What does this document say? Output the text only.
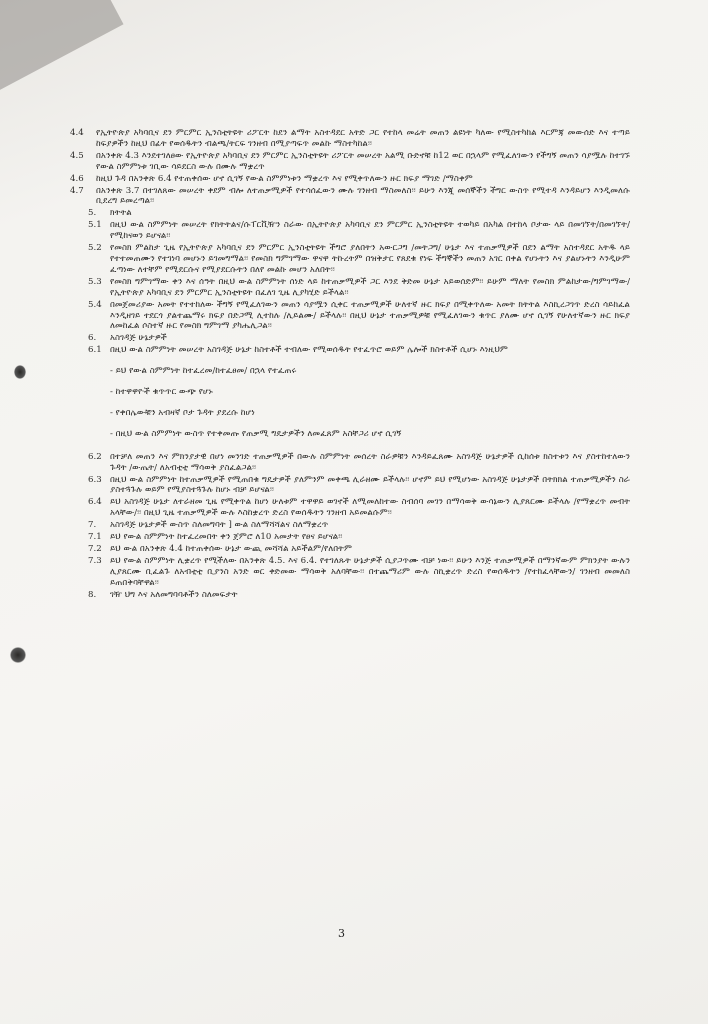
4.4	የኢትዮጵያ አካባቢና ደን ምርምር ኢንስቲትዩት ሪፖርት ከደን ልማት አስተዳደር አትድ ጋር የተከላ መሬት መጠን ልዩነት ካለው የሚስተካከል እርምጃ መውሰድ እና ተጣይ ከፍያዎችን ከዚህ በፊት የወሰዱትን ብልጫ/ትርፍ ገንዘብ በሚያጣፍጥ መልኩ ማስተካከል፡፡
4.5	በአንቀጽ 4.3 እንደተገለፀው የኢትዮጵያ አካባቢና ደን ምርምር ኢንስቲትዩት ሪፖርት መሠረት አልሚ ቡድኖቹ ከ12 ወር በኋላም የሚፈለገውን የችግኝ መጠን ሳያሟሉ ከተገኙ የውል ስምምነቱ ገቢው ሳይደርስ ውሉ በሙሉ ማቋረጥ
4.6	ከዚህ ጉዳ በአንቀጽ 6.4 የተጠቀሰው ሆኖ ሲገኝ የውል ስምምነቱን ማቋረጥ እና የሚቀጥለውን ዙር ክፍያ ማገድ /ማስቀም
4.7	በአንቀጽ 3.7 በተገለጸው መሠረት ቀደም ብሎ ለተጠቃሚዎች የተሳሰፈውን ሙሉ ገንዘብ ማስመለስ፡፡ ይሁን እንጂ መሰኞችን ችግር ውስጥ የሚተዳ እንዳይሆን እንዲመለሱ ቢደረግ ይመረጣል፡፡
5.	ክትትል
5.1 በዚህ ውል ስምምነት መሠረት የክትትልና/ሱፐርቪዥን ስራው በኢትዮጵያ አካባቢና ደን ምርምር ኢንስቲትዩት ተወካይ በአካል በተከላ ቦታው ላይ በመገኘት/በመገኘት/ የሚከናወን ይሆናል፡፡
5.2 የመስክ ምልከታ ጊዜ የኢትዮጵያ አካባቢና ደን ምርምር ኢንስቲትዩት ችግሮ ያለበትን አውርጋግ /መትጋግ/ ሁኔታ እና ተጠቃሚዎች በደን ልማት አስተዳደር አትዱ ላይ የተተመጠሙን የተገነባ መሆኑን ይገመግማል፡፡ የመስክ ግምገማው ዋናዋ ትኩረትም በዝቅታር የጸደቁ የነፍ ችግኞችን መጠን አገር በቀል የሆኑትን እና ያልሆኑትን እንዲሁም ፈጣነው ለተቸም የሚደርሱና የሚያደርሱትን በለየ መልኩ መሆን አለበት፡፡
5.3 የመስክ ግምገማው ቀን እና ሰዓት በዚህ ውል ስምምነት ሰነድ ላይ ከተጠቃሚዎች ጋር እንደ ቅድመ ሁኔታ አይወሰድም፡፡ ይሁም ማለት የመስክ ምልከታው/ግምገማው/ የኢትዮጵያ አካባቢና ደን ምርምር ኢንስቲትዩት በፈለገ ጊዜ ሊያካሂድ ይችላል፡፡
5.4 በመጀመሪያው አመት የተተከለው ችግኝ የሚፈለገውን መጠን ሳያሟን ሲቀር ተጠቃሚዎች ሁለተኛ ዙር ክፍያ በሚቀጥለው አመት ክትትል እስኪረጋገጥ ድረስ ሳይከፈል እንዲዘገይ ተደርጎ ያልተጨማሩ ክፍያ በድጋሚ ሊተከሉ /ሊይልሙ/ ይችላሉ፡፡ በዚህ ሁኔታ ተጠቃሚዎቹ የሚፈለገውን ቁጥር ያለሙ ሆኖ ሲገኝ የሁለተኛውን ዙር ክፍያ ለመከፈል ሶስተኛ ዙር የመስክ ግምገማ ያካሔሊጋል፡፡
6.	አስገዳጅ ሁኔታዎች
6.1 በዚህ ውል ስምምነት መሠረት አስገዳጅ ሁኔታ ከስተቶች ተብለው የሚወሰዱት የተፈጥሮ ወይም ሌሎች ክስተቶች ሲሆኑ እነዚህም
- ይህ የውል ስምምነት ከተፈረመ/ከተፈፀመ/ በኋላ የተፈጠሩ
- ከተዋዋዮች ቁጥጥር ውጭ የሆኑ
- የቀበሌውቹን አብዛኛ ቦታ ጉዳት ያደረሱ ከሆነ
- በዚህ ውል ስምምነት ውስጥ የተቀመጡ የጠቃሚ ግዴታዎችን ለመፈጸም አስቸጋሪ ሆኖ ሲገኝ
6.2 በተቻለ መጠን እና ምክንያታዊ በሆነ መንገድ ተጠቃሚዎች በውሉ ስምምነት መሰረት ስራዎቹን እንዳይፈጸሙ አስገዳጅ ሁኔታዎች ሲከሰቱ ክስተቱን እና ያስተከተለውን ጉዳት /ውጤት/ ለአብቲቲ ማሳወቅ ያስፈልጋል፡፡
6.3 በዚህ ውል ስምምነት ከተጠቃሚዎች የሚጠበቁ ግዴታዎች ያለምንም መቀጫ ሊራዘሙ ይችላሉ፡፡ ሆኖም ይህ የሚሆነው አስገዳጅ ሁኔታዎች በትክክል ተጠቃሚዎችን ስራ ያስተጓጉሉ ወይም የሚያስተጓጉሉ ከሆኑ ብቻ ይሆናል፡፡
6.4 ይህ አስገዳጅ ሁኔታ ለተራዘመ ጊዜ የሚቀጥል ከሆነ ሁለቱም ተዋዋይ ወገኖች ለሚመለከተው ስብሰባ መገን በማሳወቅ ውሳኔውን ሊያጸርሙ ይችላሉ /የማቋረጥ መብት አላቸው/፡፡ በዚህ ጊዜ ተጠቃሚዎች ውሉ እስከቋረጥ ድረስ የወሰዱትን ገንዘብ አይመልሱም፡፡
7.	አስገዳጅ ሁኔታዎች ውስጥ ስለመግባት ] ውል ስለማሻሻልና ስለማቋረጥ
7.1 ይህ የውል ስምምነት ከተፈረመበት ቀን ጀምሮ ለ10 አመታት የፀና ይሆናል፡፡
7.2 ይህ ውል በአንቀጽ 4.4 ከተጠቀሰው ሁኔታ ውጪ መሻሻል አይችልም/የለበትም
7.3 ይህ የውል ስምምነት ሊቋረጥ የሚችለው በአንቀጽ 4.5. እና 6.4. የተገለጹት ሁኔታዎች ሲያጋጥሙ ብቻ ነው፡፡ ይሁን እንጅ ተጠቃሚዎች በማንኛውም ምክንያት ውሉን ሊያጸርሙ ቢፈልጉ ለአብቲቲ ቢያንስ አንድ ወር ቀድመው ማሳወቅ አለባቸው፡፡ በተጨማሪም ውሉ ስኪቋረጥ ድረስ የወሰዱትን /የተከፈላቸውን/ ገንዘብ መመለስ ይጠበቅባቸዋል፡፡
8.	ገዥ ህግ እና አለመግባባቶችን ስለመፍታት
3
